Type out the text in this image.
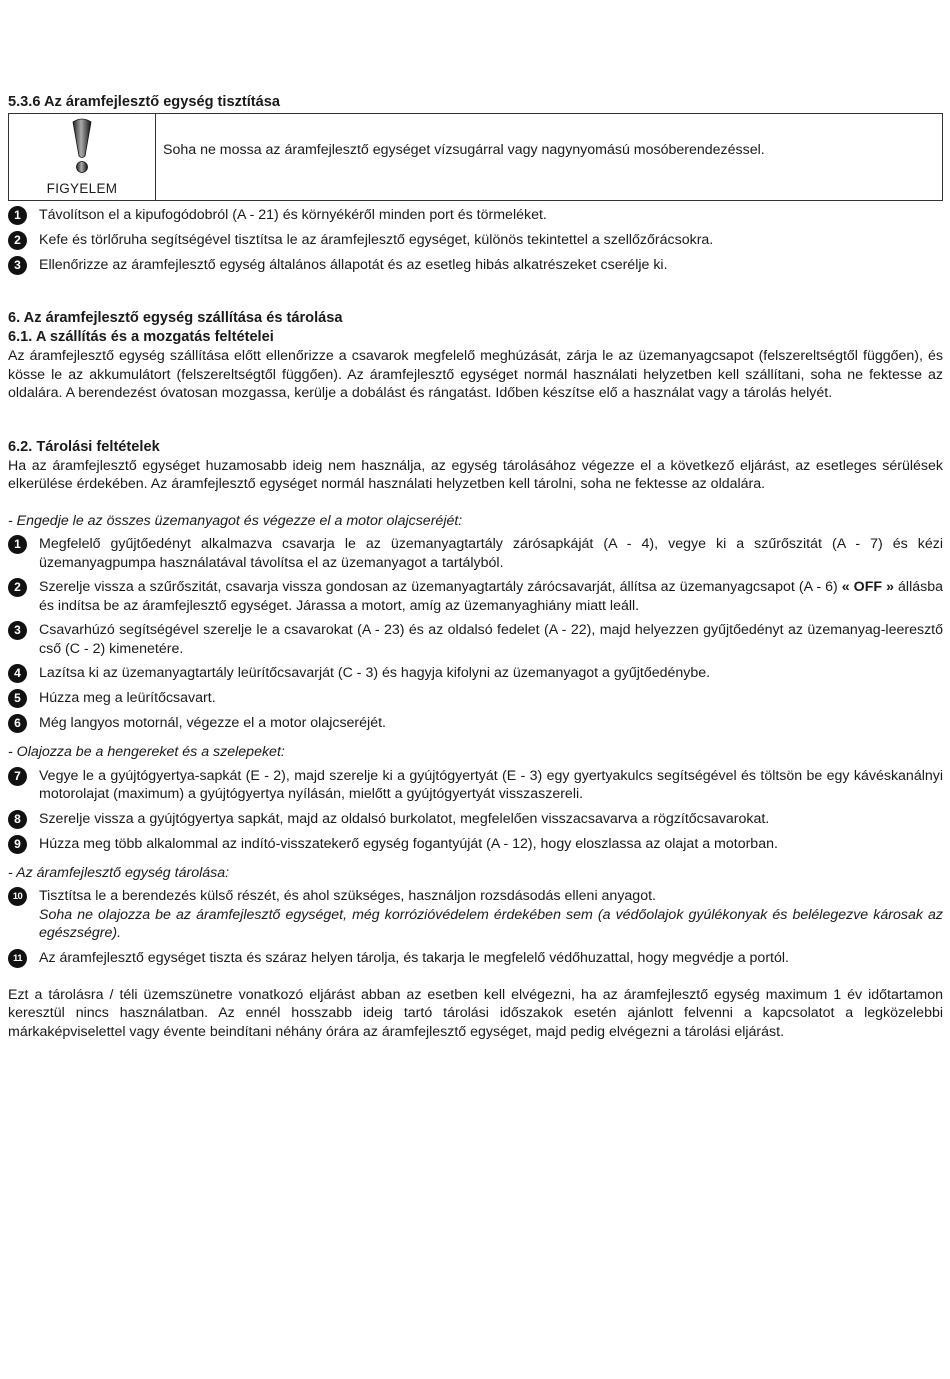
5.3.6 Az áramfejlesztő egység tisztítása
FIGYELEM
Soha ne mossa az áramfejlesztő egységet vízsugárral vagy nagynyomású mosóberendezéssel.
1	Távolítson el a kipufogódobról (A - 21) és környékéről minden port és törmeléket.
2	Kefe és törlőruha segítségével tisztítsa le az áramfejlesztő egységet, különös tekintettel a szellőzőrácsokra.
3	Ellenőrizze az áramfejlesztő egység általános állapotát és az esetleg hibás alkatrészeket cserélje ki.
6. Az áramfejlesztő egység szállítása és tárolása
6.1. A szállítás és a mozgatás feltételei

Az áramfejlesztő egység szállítása előtt ellenőrizze a csavarok megfelelő meghúzását, zárja le az üzemanyagcsapot (felszereltségtől függően), és kösse le az akkumulátort (felszereltségtől függően). Az áramfejlesztő egységet normál használati helyzetben kell szállítani, soha ne fektesse az oldalára. A berendezést óvatosan mozgassa, kerülje a dobálást és rángatást. Időben készítse elő a használat vagy a tárolás helyét.

6.2. Tárolási feltételek

Ha az áramfejlesztő egységet huzamosabb ideig nem használja, az egység tárolásához végezze el a következő eljárást, az esetleges sérülések elkerülése érdekében. Az áramfejlesztő egységet normál használati helyzetben kell tárolni, soha ne fektesse az oldalára.

- Engedje le az összes üzemanyagot és végezze el a motor olajcseréjét:

1	Megfelelő gyűjtőedényt alkalmazva csavarja le az üzemanyagtartály zárósapkáját (A - 4), vegye ki a szűrőszitát (A - 7) és kézi üzemanyagpumpa használatával távolítsa el az üzemanyagot a tartályból.
2	Szerelje vissza a szűrőszitát, csavarja vissza gondosan az üzemanyagtartály zárócsavarját, állítsa az üzemanyagcsapot (A - 6) « OFF » állásba és indítsa be az áramfejlesztő egységet. Járassa a motort, amíg az üzemanyaghiány miatt leáll.
3	Csavarhúzó segítségével szerelje le a csavarokat (A - 23) és az oldalsó fedelet (A - 22), majd helyezzen gyűjtőedényt az üzemanyag-leeresztő cső (C - 2) kimenetére.
4	Lazítsa ki az üzemanyagtartály leürítőcsavarját (C - 3) és hagyja kifolyni az üzemanyagot a gyűjtőedénybe.
5	Húzza meg a leürítőcsavart.
6	Még langyos motornál, végezze el a motor olajcseréjét.

- Olajozza be a hengereket és a szelepeket:

7	Vegye le a gyújtógyertya-sapkát (E - 2), majd szerelje ki a gyújtógyertyát (E - 3) egy gyertyakulcs segítségével és töltsön be egy kávéskanálnyi motorolajat (maximum) a gyújtógyertya nyílásán, mielőtt a gyújtógyertyát visszaszereli.
8	Szerelje vissza a gyújtógyertya sapkát, majd az oldalsó burkolatot, megfelelően visszacsavarva a rögzítőcsavarokat.
9	Húzza meg több alkalommal az indító-visszatekerő egység fogantyúját (A - 12), hogy eloszlassa az olajat a motorban.

- Az áramfejlesztő egység tárolása:

10	Tisztítsa le a berendezés külső részét, és ahol szükséges, használjon rozsdásodás elleni anyagot.
Soha ne olajozza be az áramfejlesztő egységet, még korrózióvédelem érdekében sem (a védőolajok gyúlékonyak és belélegezve károsak az egészségre).
11	Az áramfejlesztő egységet tiszta és száraz helyen tárolja, és takarja le megfelelő védőhuzattal, hogy megvédje a portól.

Ezt a tárolásra / téli üzemszünetre vonatkozó eljárást abban az esetben kell elvégezni, ha az áramfejlesztő egység maximum 1 év időtartamon keresztül nincs használatban. Az ennél hosszabb ideig tartó tárolási időszakok esetén ajánlott felvenni a kapcsolatot a legközelebbi márkaképviselettel vagy évente beindítani néhány órára az áramfejlesztő egységet, majd pedig elvégezni a tárolási eljárást.
